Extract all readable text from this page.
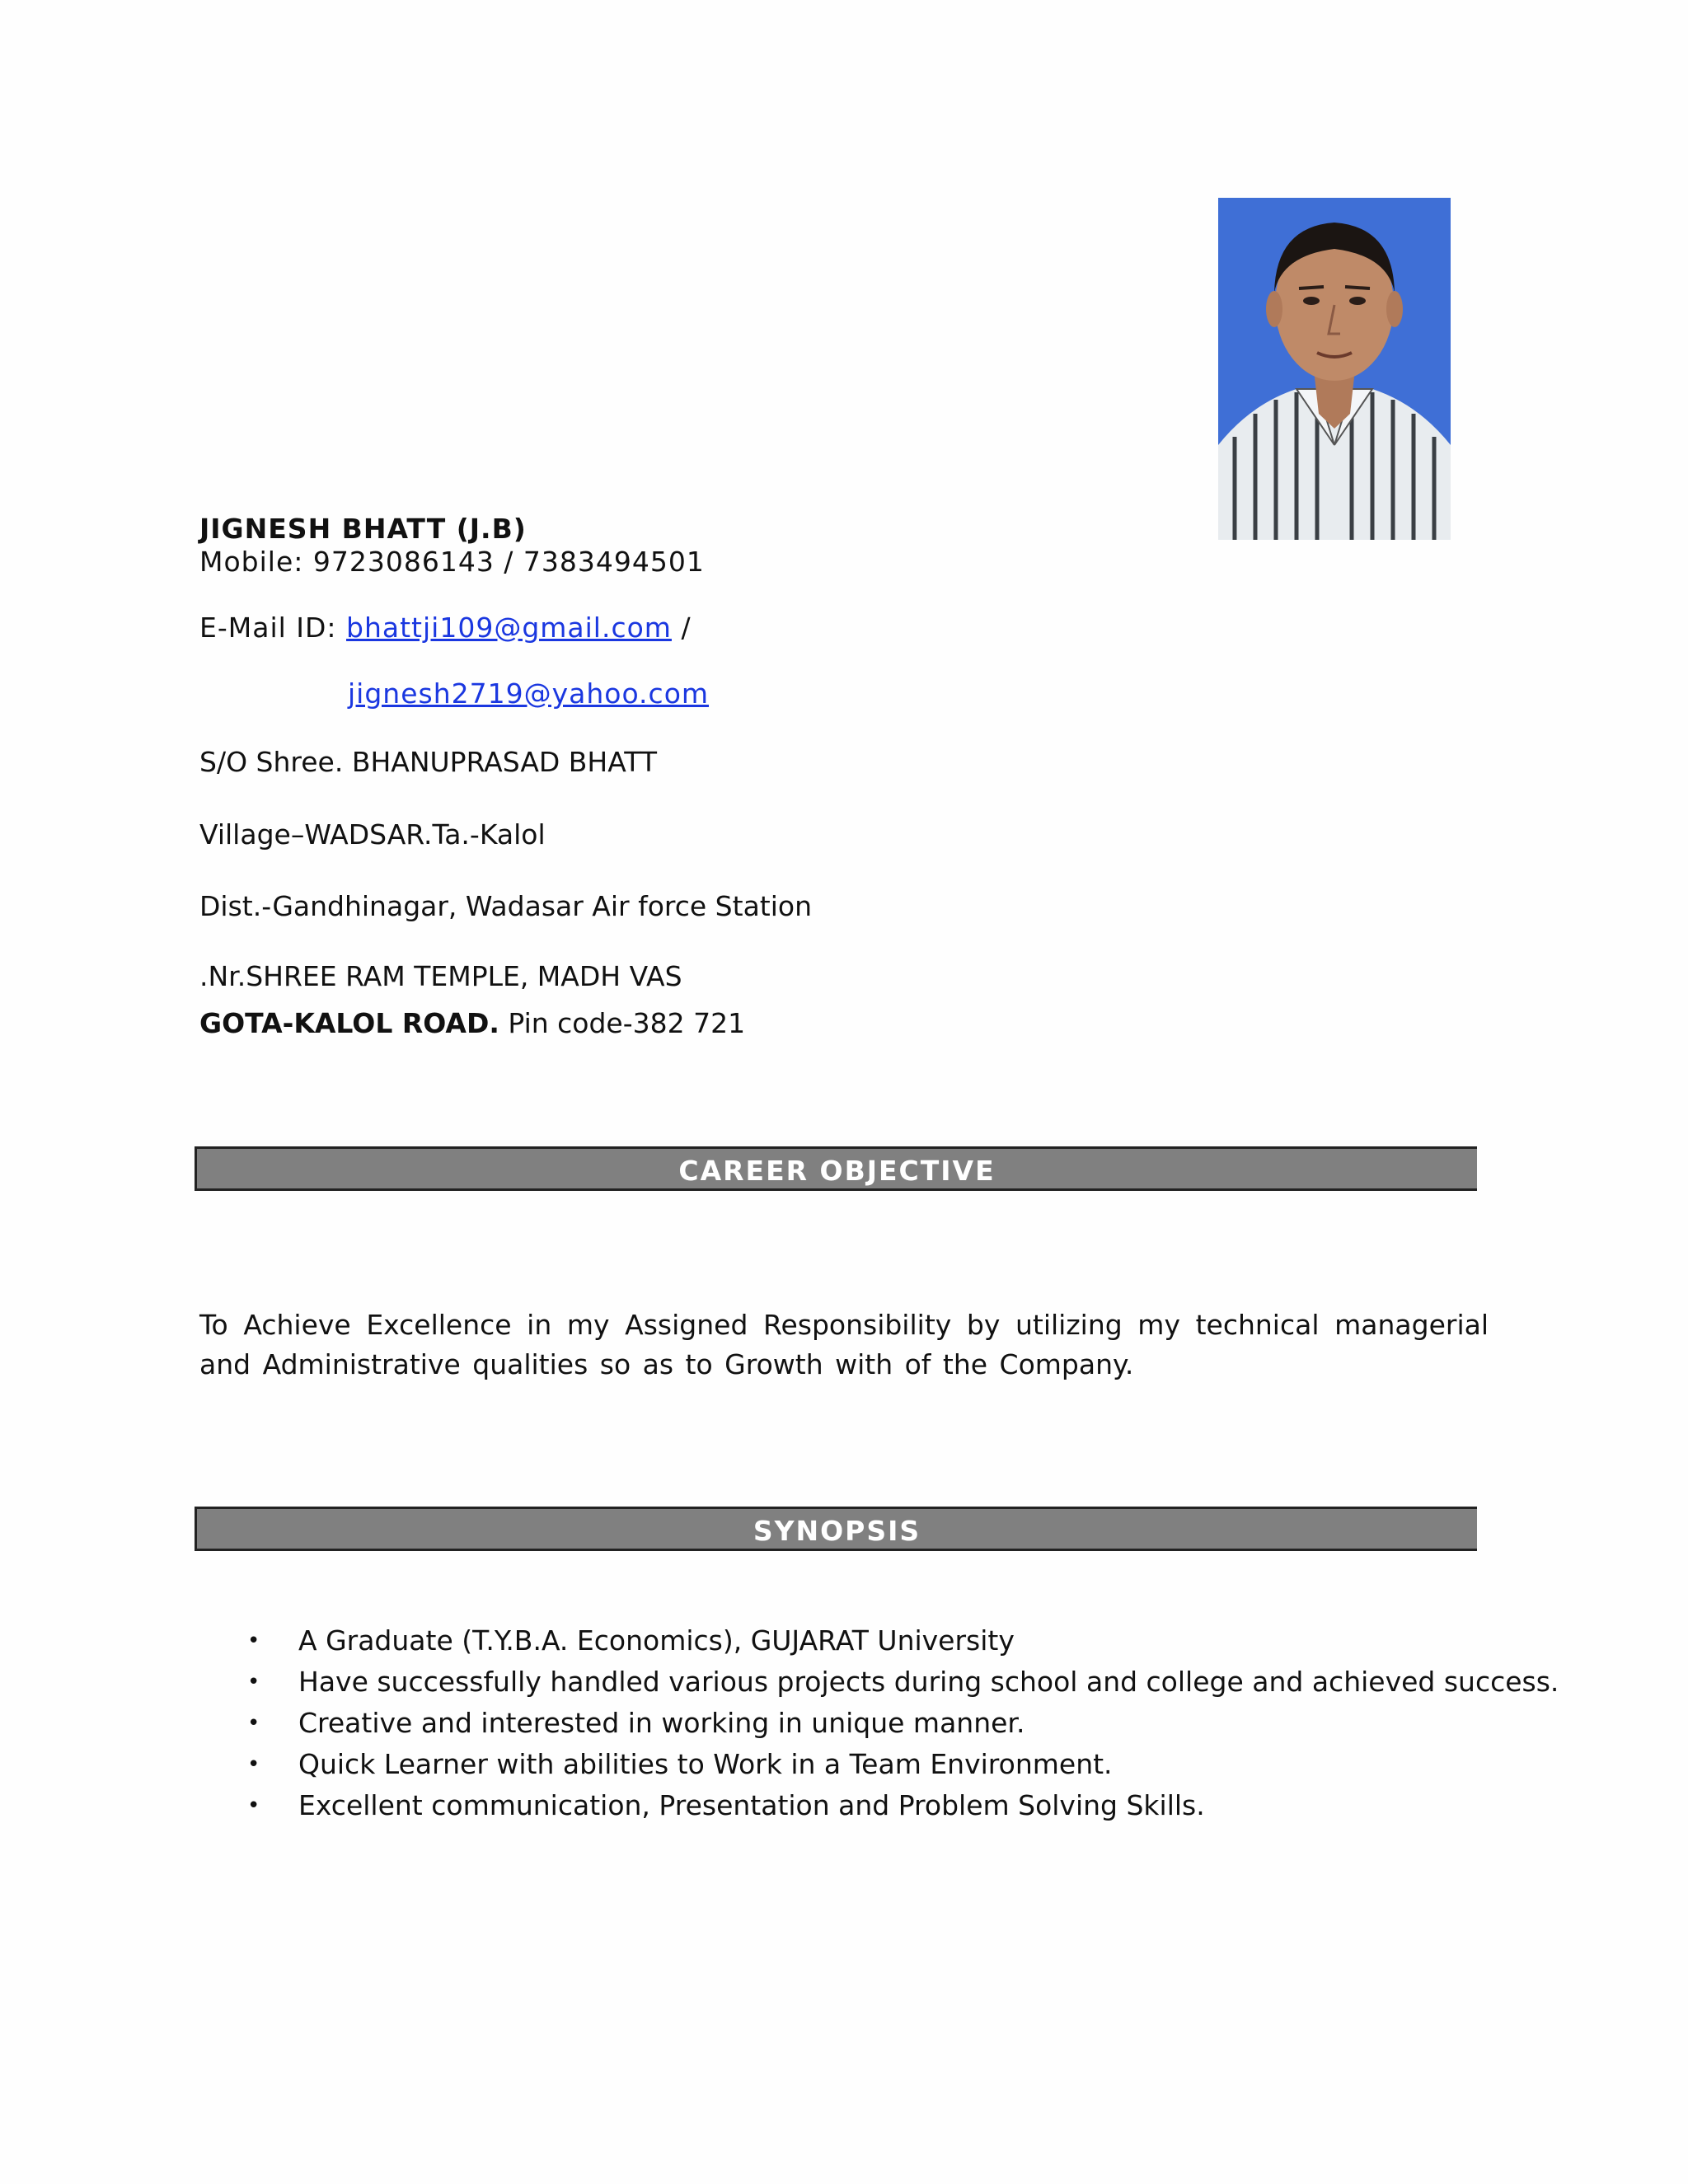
JIGNESH BHATT (J.B)
Mobile: 9723086143 / 7383494501
E-Mail ID: bhattji109@gmail.com /
jignesh2719@yahoo.com
S/O Shree. BHANUPRASAD BHATT
Village–WADSAR.Ta.-Kalol
Dist.-Gandhinagar, Wadasar Air force Station
.Nr.SHREE RAM TEMPLE, MADH VAS
GOTA-KALOL ROAD. Pin code-382 721
CAREER OBJECTIVE
To Achieve Excellence in my Assigned Responsibility by utilizing my technical managerial and Administrative qualities so as to Growth with of the Company.
SYNOPSIS
• A Graduate (T.Y.B.A. Economics), GUJARAT University
• Have successfully handled various projects during school and college and achieved success.
• Creative and interested in working in unique manner.
• Quick Learner with abilities to Work in a Team Environment.
• Excellent communication, Presentation and Problem Solving Skills.
